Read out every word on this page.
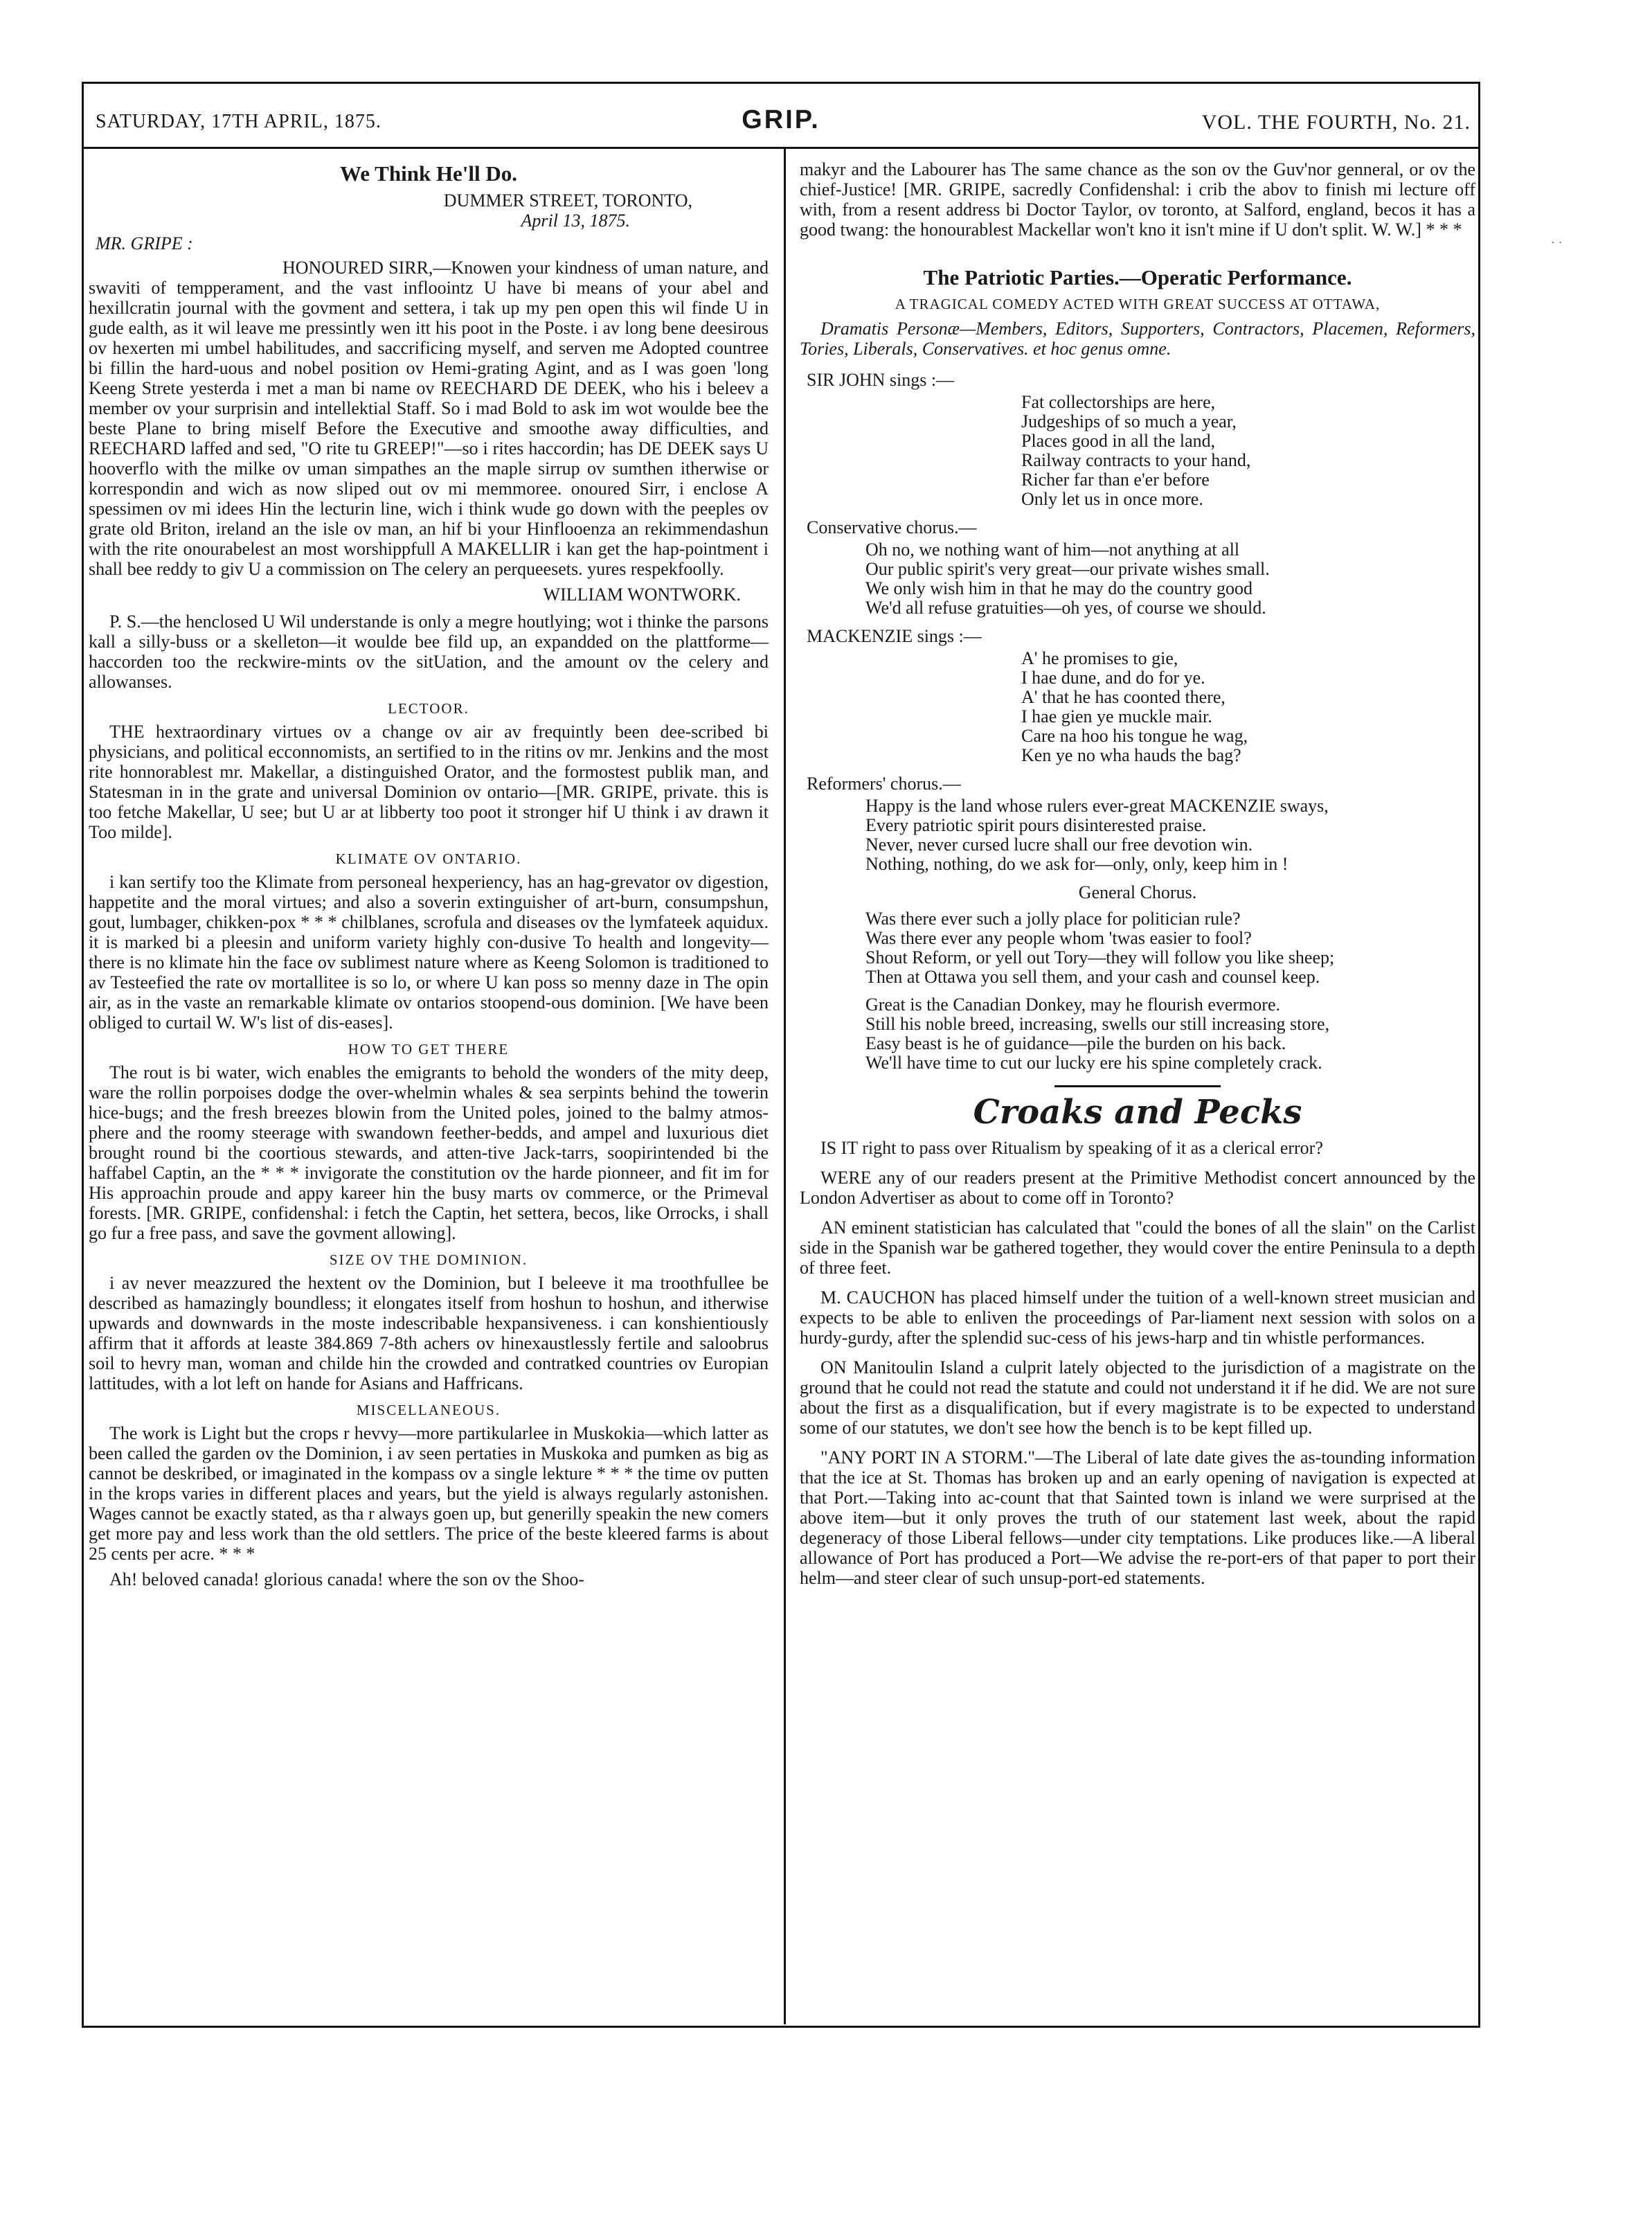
SATURDAY, 17TH APRIL, 1875.	GRIP.	VOL. THE FOURTH, No. 21.
We Think He'll Do.
DUMMER STREET, TORONTO,
April 13, 1875.
MR. GRIPE :

HONOURED SIRR,—Knowen your kindness of uman nature, and swaviti of tempperament, and the vast infloointz U have bi means of your abel and hexillcratin journal with the govment and settera, i tak up my pen open this wil finde U in gude ealth, as it wil leave me pressintly wen itt his poot in the Poste. i av long bene deesirous ov hexerten mi umbel habilitudes, and saccrificing myself, and serven me Adopted countree bi fillin the hard-uous and nobel position ov Hemi-grating Agint, and as I was goen 'long Keeng Strete yesterda i met a man bi name ov REECHARD DE DEEK, who his i beleev a member ov your surprisin and intellektial Staff. So i mad Bold to ask im wot woulde bee the beste Plane to bring miself Before the Executive and smoothe away difficulties, and REECHARD laffed and sed, "O rite tu GREEP!"—so i rites haccordin; has DE DEEK says U hooverflo with the milke ov uman simpathes an the maple sirrup ov sumthen itherwise or korrespondin and wich as now sliped out ov mi memmoree. onoured Sirr, i enclose A spessimen ov mi idees Hin the lecturin line, wich i think wude go down with the peeples ov grate old Briton, ireland an the isle ov man, an hif bi your Hinflooenza an rekimmendashun with the rite onourabelest an most worshippfull A MAKELLIR i kan get the hap-pointment i shall bee reddy to giv U a commission on The celery an perqueesets. yures respekfoolly.

WILLIAM WONTWORK.

P. S.—the henclosed U Wil understande is only a megre houtlying; wot i thinke the parsons kall a silly-buss or a skelleton—it woulde bee fild up, an expandded on the plattforme—haccorden too the reckwire-mints ov the sitUation, and the amount ov the celery and allowanses.

LECTOOR.

THE hextraordinary virtues ov a change ov air av frequintly been dee-scribed bi physicians, and political ecconnomists, an sertified to in the ritins ov mr. Jenkins and the most rite honnorablest mr. Makellar, a distinguished Orator, and the formostest publik man, and Statesman in in the grate and universal Dominion ov ontario—[MR. GRIPE, private. this is too fetche Makellar, U see; but U ar at libberty too poot it stronger hif U think i av drawn it Too milde].

KLIMATE OV ONTARIO.

i kan sertify too the Klimate from personeal hexperiency, has an hag-grevator ov digestion, happetite and the moral virtues; and also a soverin extinguisher of art-burn, consumpshun, gout, lumbager, chikken-pox * * * chilblanes, scrofula and diseases ov the lymfateek aquidux. it is marked bi a pleesin and uniform variety highly con-dusive To health and longevity—there is no klimate hin the face ov sublimest nature where as Keeng Solomon is traditioned to av Testeefied the rate ov mortallitee is so lo, or where U kan poss so menny daze in The opin air, as in the vaste an remarkable klimate ov ontarios stoopend-ous dominion. [We have been obliged to curtail W. W's list of dis-eases].

HOW TO GET THERE

The rout is bi water, wich enables the emigrants to behold the wonders of the mity deep, ware the rollin porpoises dodge the over-whelmin whales & sea serpints behind the towerin hice-bugs; and the fresh breezes blowin from the United poles, joined to the balmy atmos-phere and the roomy steerage with swandown feether-bedds, and ampel and luxurious diet brought round bi the coortious stewards, and atten-tive Jack-tarrs, soopirintended bi the haffabel Captin, an the * * * invigorate the constitution ov the harde pionneer, and fit im for His approachin proude and appy kareer hin the busy marts ov commerce, or the Primeval forests. [MR. GRIPE, confidenshal: i fetch the Captin, het settera, becos, like Orrocks, i shall go fur a free pass, and save the govment allowing].

SIZE OV THE DOMINION.

i av never meazzured the hextent ov the Dominion, but I beleeve it ma troothfullee be described as hamazingly boundless; it elongates itself from hoshun to hoshun, and itherwise upwards and downwards in the moste indescribable hexpansiveness. i can konshientiously affirm that it affords at leaste 384.869 7-8th achers ov hinexaustlessly fertile and saloobrus soil to hevry man, woman and childe hin the crowded and contratked countries ov Europian lattitudes, with a lot left on hande for Asians and Haffricans.

MISCELLANEOUS.

The work is Light but the crops r hevvy—more partikularlee in Muskokia—which latter as been called the garden ov the Dominion, i av seen pertaties in Muskoka and pumken as big as cannot be deskribed, or imaginated in the kompass ov a single lekture * * * the time ov putten in the krops varies in different places and years, but the yield is always regularly astonishen. Wages cannot be exactly stated, as tha r always goen up, but generilly speakin the new comers get more pay and less work than the old settlers. The price of the beste kleered farms is about 25 cents per acre. * * *

Ah! beloved canada! glorious canada! where the son ov the Shoo-

makyr and the Labourer has The same chance as the son ov the Guv'nor genneral, or ov the chief-Justice! [MR. GRIPE, sacredly Confidenshal: i crib the abov to finish mi lecture off with, from a resent address bi Doctor Taylor, ov toronto, at Salford, england, becos it has a good twang: the honourablest Mackellar won't kno it isn't mine if U don't split. W. W.] * * *

The Patriotic Parties.—Operatic Performance.
A TRAGICAL COMEDY ACTED WITH GREAT SUCCESS AT OTTAWA,

Dramatis Personæ—Members, Editors, Supporters, Contractors, Placemen, Reformers, Tories, Liberals, Conservatives. et hoc genus omne.

SIR JOHN sings :—
Fat collectorships are here,
Judgeships of so much a year,
Places good in all the land,
Railway contracts to your hand,
Richer far than e'er before
Only let us in once more.
Conservative chorus.—
Oh no, we nothing want of him—not anything at all
Our public spirit's very great—our private wishes small.
We only wish him in that he may do the country good
We'd all refuse gratuities—oh yes, of course we should.
MACKENZIE sings :—
A' he promises to gie,
I hae dune, and do for ye.
A' that he has coonted there,
I hae gien ye muckle mair.
Care na hoo his tongue he wag,
Ken ye no wha hauds the bag?
Reformers' chorus.—
Happy is the land whose rulers ever-great MACKENZIE sways,
Every patriotic spirit pours disinterested praise.
Never, never cursed lucre shall our free devotion win.
Nothing, nothing, do we ask for—only, only, keep him in !
General Chorus.
Was there ever such a jolly place for politician rule?
Was there ever any people whom 'twas easier to fool?
Shout Reform, or yell out Tory—they will follow you like sheep;
Then at Ottawa you sell them, and your cash and counsel keep.
Great is the Canadian Donkey, may he flourish evermore.
Still his noble breed, increasing, swells our still increasing store,
Easy beast is he of guidance—pile the burden on his back.
We'll have time to cut our lucky ere his spine completely crack.
Croaks and Pecks

IS IT right to pass over Ritualism by speaking of it as a clerical error?

WERE any of our readers present at the Primitive Methodist concert announced by the London Advertiser as about to come off in Toronto?

AN eminent statistician has calculated that "could the bones of all the slain" on the Carlist side in the Spanish war be gathered together, they would cover the entire Peninsula to a depth of three feet.

M. CAUCHON has placed himself under the tuition of a well-known street musician and expects to be able to enliven the proceedings of Par-liament next session with solos on a hurdy-gurdy, after the splendid suc-cess of his jews-harp and tin whistle performances.

ON Manitoulin Island a culprit lately objected to the jurisdiction of a magistrate on the ground that he could not read the statute and could not understand it if he did. We are not sure about the first as a disqualification, but if every magistrate is to be expected to understand some of our statutes, we don't see how the bench is to be kept filled up.

"ANY PORT IN A STORM."—The Liberal of late date gives the as-tounding information that the ice at St. Thomas has broken up and an early opening of navigation is expected at that Port.—Taking into ac-count that that Sainted town is inland we were surprised at the above item—but it only proves the truth of our statement last week, about the rapid degeneracy of those Liberal fellows—under city temptations. Like produces like.—A liberal allowance of Port has produced a Port—We advise the re-port-ers of that paper to port their helm—and steer clear of such unsup-port-ed statements.

· ·
